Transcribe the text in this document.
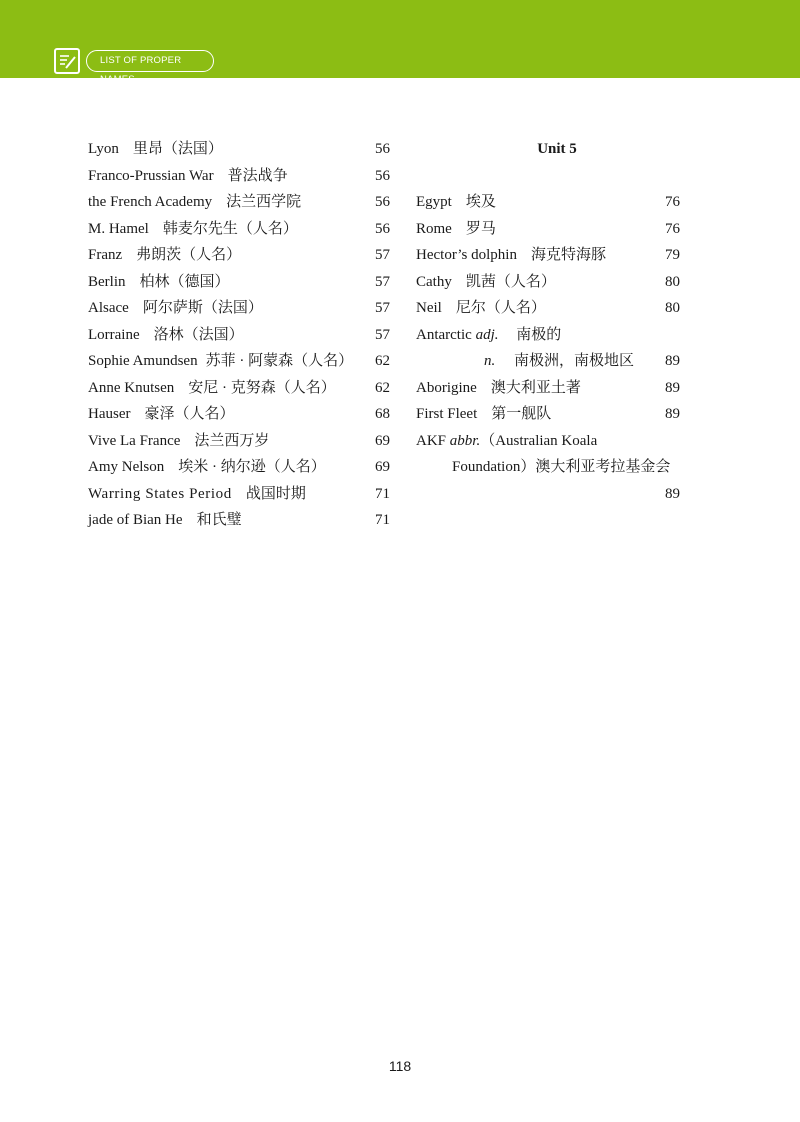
LIST OF PROPER NAMES
Lyon 里昂（法国）	56
Franco-Prussian War 普法战争	56
the French Academy 法兰西学院	56
M. Hamel 韩麦尔先生（人名）	56
Franz 弗朗茨（人名）	57
Berlin 柏林（德国）	57
Alsace 阿尔萨斯（法国）	57
Lorraine 洛林（法国）	57
Sophie Amundsen 苏菲 · 阿蒙森（人名） 62
Anne Knutsen 安尼 · 克努森（人名）	62
Hauser 豪泽（人名）	68
Vive La France 法兰西万岁	69
Amy Nelson 埃米 · 纳尔逊（人名）	69
Warring States Period 战国时期	71
jade of Bian He 和氏璧	71
Unit 5
Egypt 埃及	76
Rome 罗马	76
Hector’s dolphin 海克特海豚	79
Cathy 凯茜（人名）	80
Neil 尼尔（人名）	80
Antarctic adj. 南极的
n. 南极洲，南极地区 89
Aborigine 澳大利亚土著	89
First Fleet 第一舰队	89
AKF abbr.（Australian Koala
Foundation）澳大利亚考拉基金会
89
118
